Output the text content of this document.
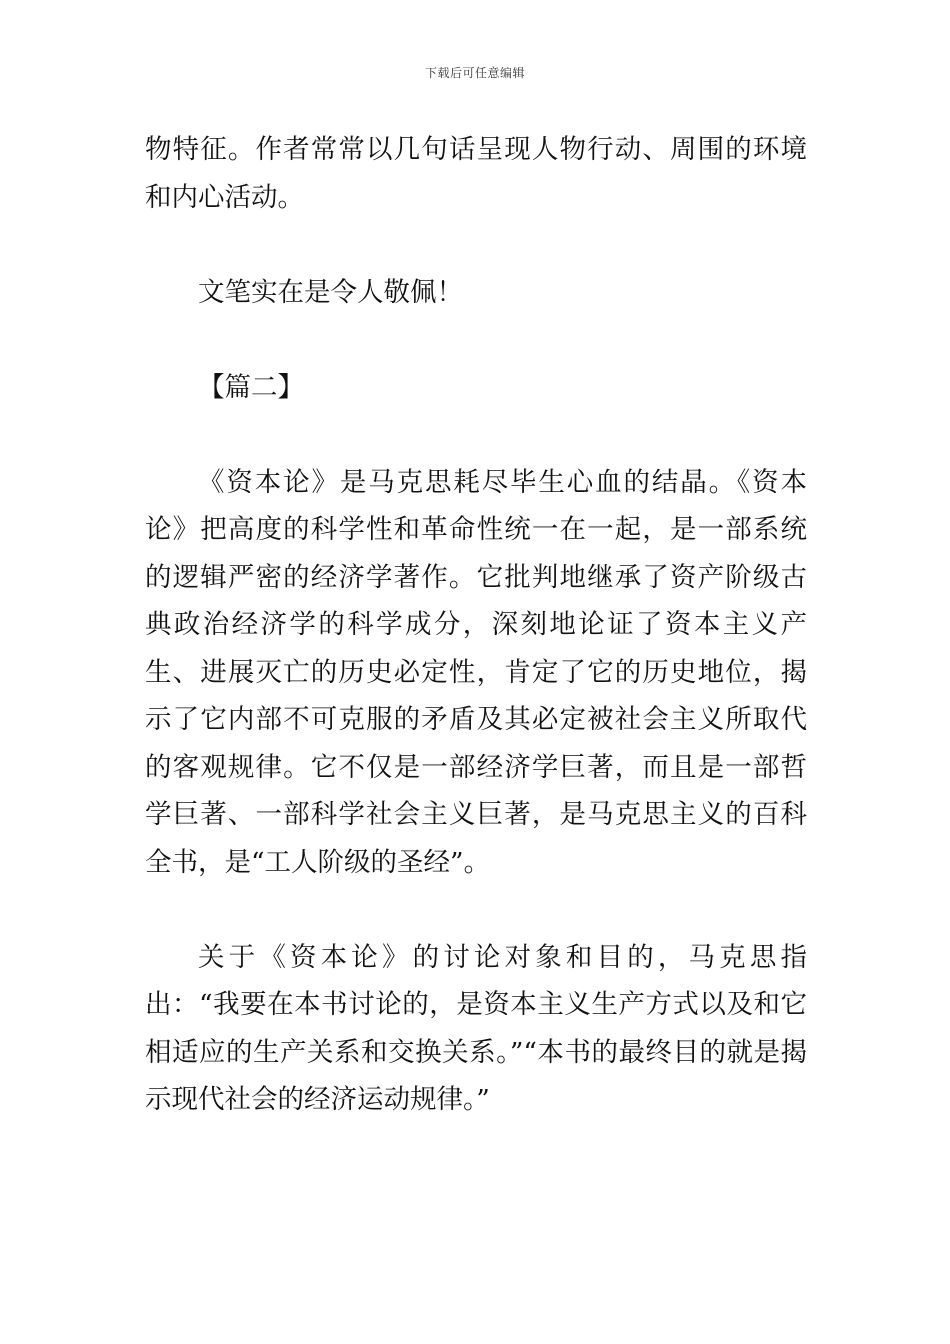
下载后可任意编辑

物特征。作者常常以几句话呈现人物行动、周围的环境和内心活动。

文笔实在是令人敬佩！

【篇二】

《资本论》是马克思耗尽毕生心血的结晶。《资本论》把高度的科学性和革命性统一在一起，是一部系统的逻辑严密的经济学著作。它批判地继承了资产阶级古典政治经济学的科学成分，深刻地论证了资本主义产生、进展灭亡的历史必定性，肯定了它的历史地位，揭示了它内部不可克服的矛盾及其必定被社会主义所取代的客观规律。它不仅是一部经济学巨著，而且是一部哲学巨著、一部科学社会主义巨著，是马克思主义的百科全书，是“工人阶级的圣经”。

关于《资本论》的讨论对象和目的，马克思指出：“我要在本书讨论的，是资本主义生产方式以及和它相适应的生产关系和交换关系。”“本书的最终目的就是揭示现代社会的经济运动规律。”
